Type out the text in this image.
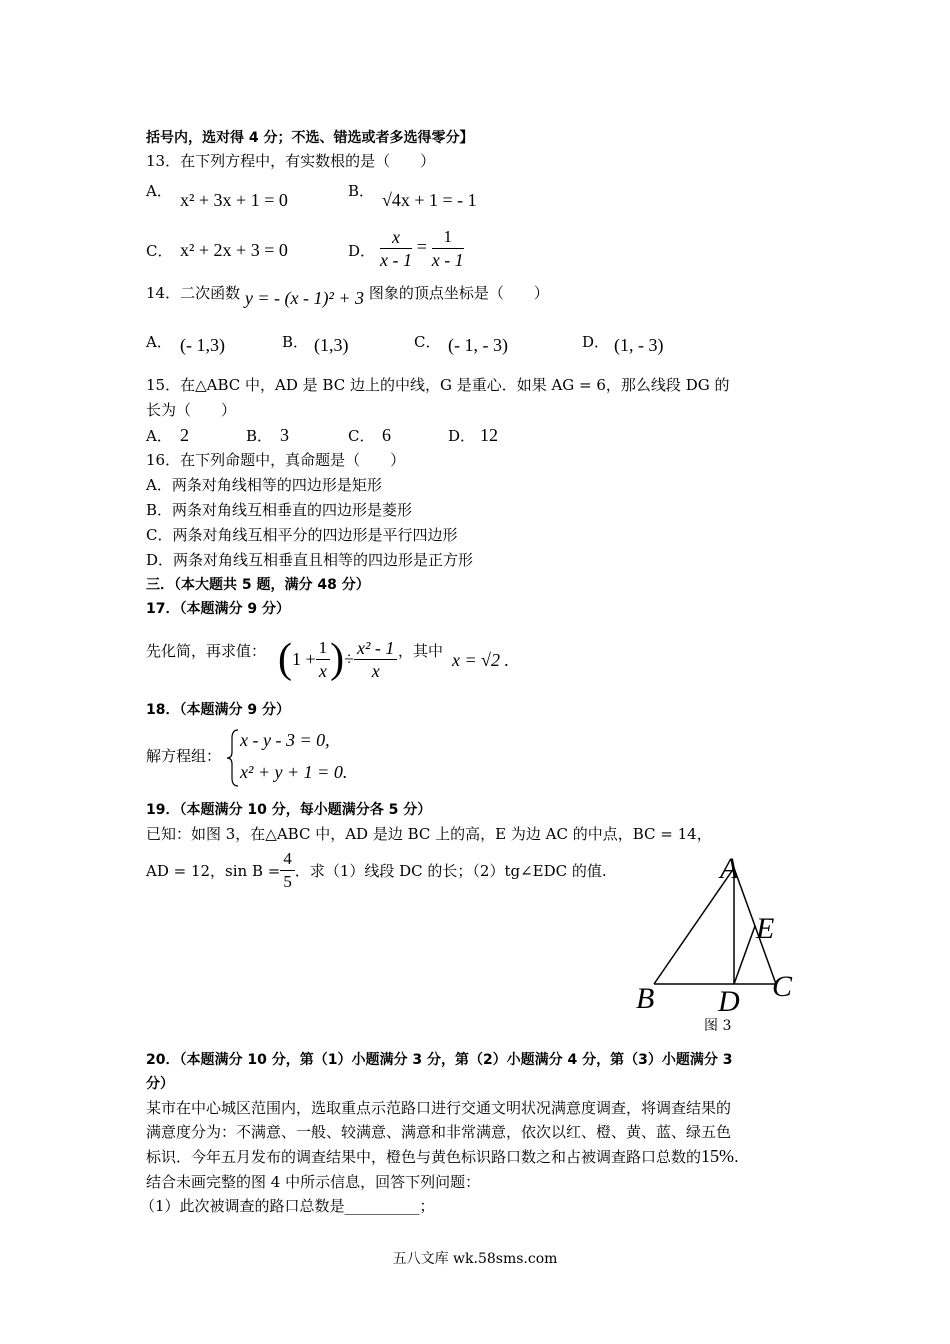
括号内，选对得 4 分；不选、错选或者多选得零分】
13．在下列方程中，有实数根的是（　　）
A． x² + 3x + 1 = 0	B． √4x + 1 = - 1
C． x² + 2x + 3 = 0	D． $\frac{x}{x - 1} = \frac{1}{x - 1}$
14．二次函数 y = - (x - 1)² + 3 图象的顶点坐标是（　　）
A． (- 1,3)	B． (1,3)	C． (- 1, - 3)	D． (1, - 3)
15．在△ABC 中，AD 是 BC 边上的中线，G 是重心．如果 AG = 6，那么线段 DG 的
长为（　　）
A． 2	B． 3	C． 6	D． 12
16．在下列命题中，真命题是（　　）
A．两条对角线相等的四边形是矩形
B．两条对角线互相垂直的四边形是菱形
C．两条对角线互相平分的四边形是平行四边形
D．两条对角线互相垂直且相等的四边形是正方形
三．（本大题共 5 题，满分 48 分）
17．（本题满分 9 分）
先化简，再求值： ( $1 + \frac{1}{x}$ ) ÷ $\frac{\text{x² - 1}}{x}$ ，其中 x = √2 .
18．（本题满分 9 分）
解方程组：
x - y - 3 = 0,
x² + y + 1 = 0.
19．（本题满分 10 分，每小题满分各 5 分）
已知：如图 3，在△ABC 中，AD 是边 BC 上的高，E 为边 AC 的中点，BC = 14，
AD = 12，$\sin B = \frac{4}{5}$ ．求（1）线段 DC 的长；（2）tg∠EDC 的值.	A
B D C
E
图 3
20．（本题满分 10 分，第（1）小题满分 3 分，第（2）小题满分 4 分，第（3）小题满分 3
分）
某市在中心城区范围内，选取重点示范路口进行交通文明状况满意度调查，将调查结果的
满意度分为：不满意、一般、较满意、满意和非常满意，依次以红、橙、黄、蓝、绿五色
标识．今年五月发布的调查结果中，橙色与黄色标识路口数之和占被调查路口总数的15%.
结合未画完整的图 4 中所示信息，回答下列问题：
（1）此次被调查的路口总数是__________；
五八文库 wk.58sms.com
